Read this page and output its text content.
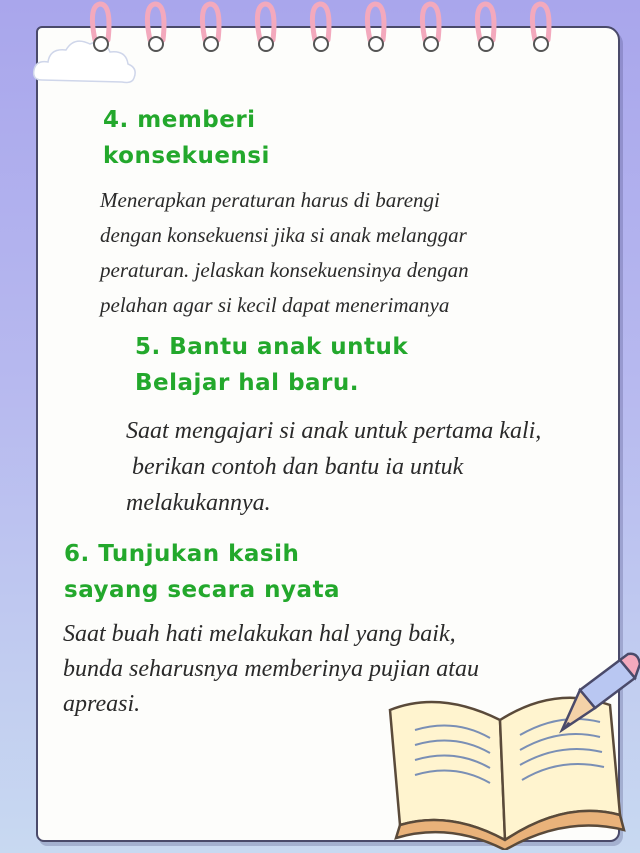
4. memberi
konsekuensi
Menerapkan peraturan harus di barengi
dengan konsekuensi jika si anak melanggar
peraturan. jelaskan konsekuensinya dengan
pelahan agar si kecil dapat menerimanya
5. Bantu anak untuk
Belajar hal baru.
Saat mengajari si anak untuk pertama kali,
berikan contoh dan bantu ia untuk
melakukannya.
6. Tunjukan kasih
sayang secara nyata
Saat buah hati melakukan hal yang baik,
bunda seharusnya memberinya pujian atau
apreasi.
